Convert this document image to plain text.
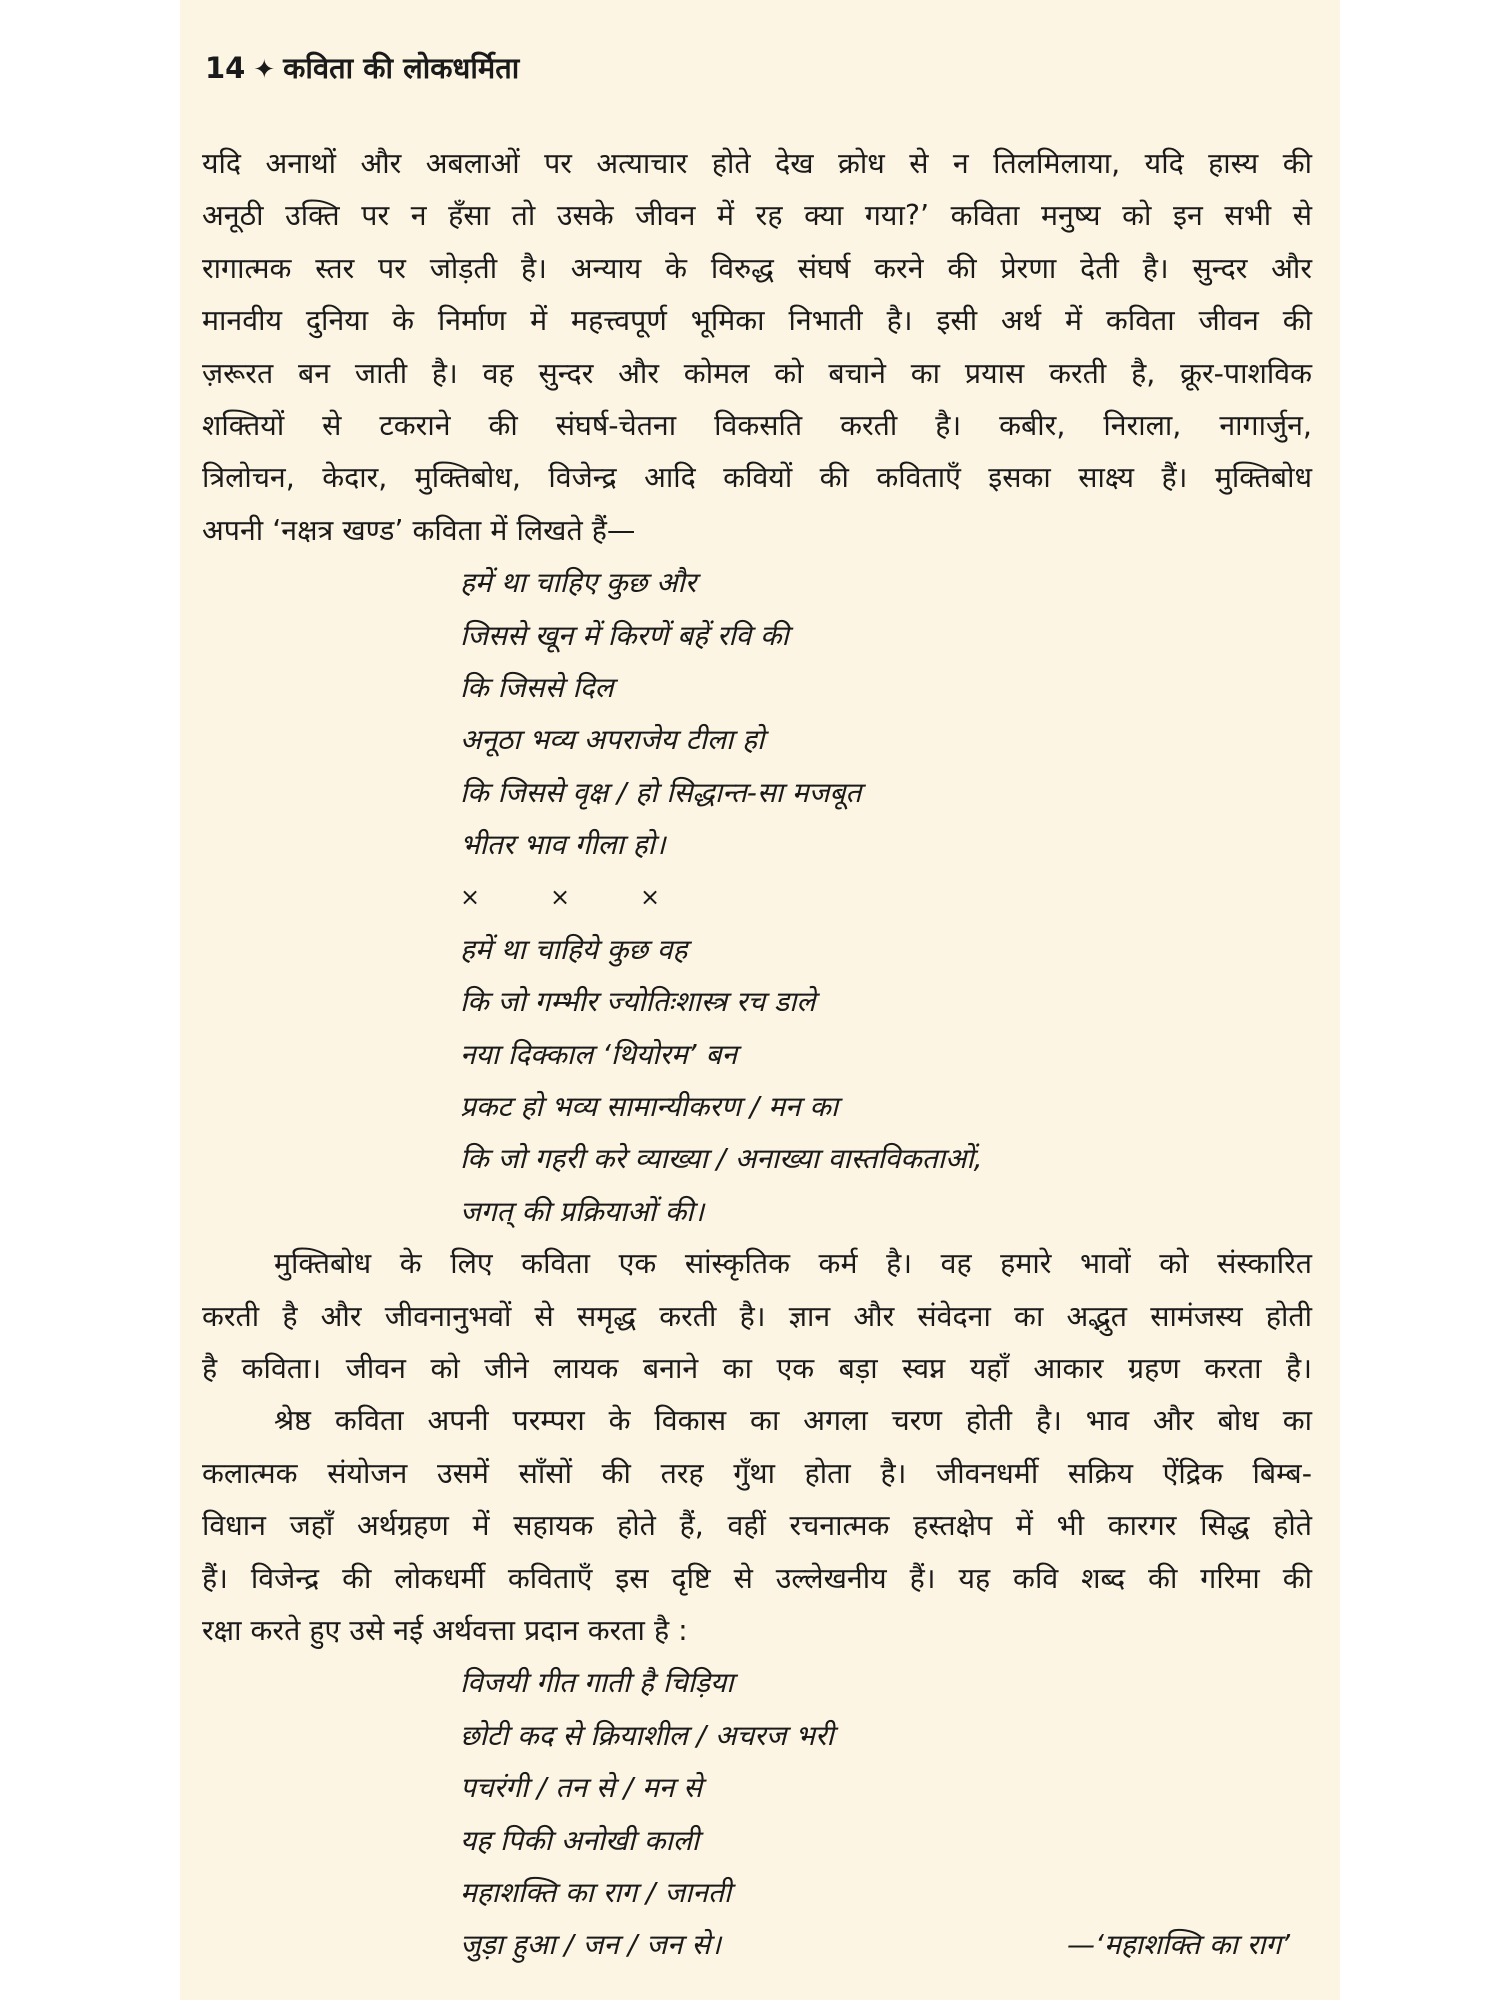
14 ✦ कविता की लोकधर्मिता
यदि अनाथों और अबलाओं पर अत्याचार होते देख क्रोध से न तिलमिलाया, यदि हास्य की
अनूठी उक्ति पर न हँसा तो उसके जीवन में रह क्या गया?’ कविता मनुष्य को इन सभी से
रागात्मक स्तर पर जोड़ती है। अन्याय के विरुद्ध संघर्ष करने की प्रेरणा देती है। सुन्दर और
मानवीय दुनिया के निर्माण में महत्त्वपूर्ण भूमिका निभाती है। इसी अर्थ में कविता जीवन की
ज़रूरत बन जाती है। वह सुन्दर और कोमल को बचाने का प्रयास करती है, क्रूर-पाशविक
शक्तियों से टकराने की संघर्ष-चेतना विकसति करती है। कबीर, निराला, नागार्जुन,
त्रिलोचन, केदार, मुक्तिबोध, विजेन्द्र आदि कवियों की कविताएँ इसका साक्ष्य हैं। मुक्तिबोध
अपनी ‘नक्षत्र खण्ड’ कविता में लिखते हैं—
हमें था चाहिए कुछ और
जिससे खून में किरणें बहें रवि की
कि जिससे दिल
अनूठा भव्य अपराजेय टीला हो
कि जिससे वृक्ष / हो सिद्धान्त-सा मजबूत
भीतर भाव गीला हो।
×	×	×
हमें था चाहिये कुछ वह
कि जो गम्भीर ज्योतिःशास्त्र रच डाले
नया दिक्काल ‘थियोरम’ बन
प्रकट हो भव्य सामान्यीकरण / मन का
कि जो गहरी करे व्याख्या / अनाख्या वास्तविकताओं,
जगत् की प्रक्रियाओं की।
मुक्तिबोध के लिए कविता एक सांस्कृतिक कर्म है। वह हमारे भावों को संस्कारित
करती है और जीवनानुभवों से समृद्ध करती है। ज्ञान और संवेदना का अद्भुत सामंजस्य होती
है कविता। जीवन को जीने लायक बनाने का एक बड़ा स्वप्न यहाँ आकार ग्रहण करता है।
श्रेष्ठ कविता अपनी परम्परा के विकास का अगला चरण होती है। भाव और बोध का
कलात्मक संयोजन उसमें साँसों की तरह गुँथा होता है। जीवनधर्मी सक्रिय ऐंद्रिक बिम्ब-
विधान जहाँ अर्थग्रहण में सहायक होते हैं, वहीं रचनात्मक हस्तक्षेप में भी कारगर सिद्ध होते
हैं। विजेन्द्र की लोकधर्मी कविताएँ इस दृष्टि से उल्लेखनीय हैं। यह कवि शब्द की गरिमा की
रक्षा करते हुए उसे नई अर्थवत्ता प्रदान करता है :
विजयी गीत गाती है चिड़िया
छोटी कद से क्रियाशील / अचरज भरी
पचरंगी / तन से / मन से
यह पिकी अनोखी काली
महाशक्ति का राग / जानती
जुड़ा हुआ / जन / जन से।	—‘महाशक्ति का राग’
